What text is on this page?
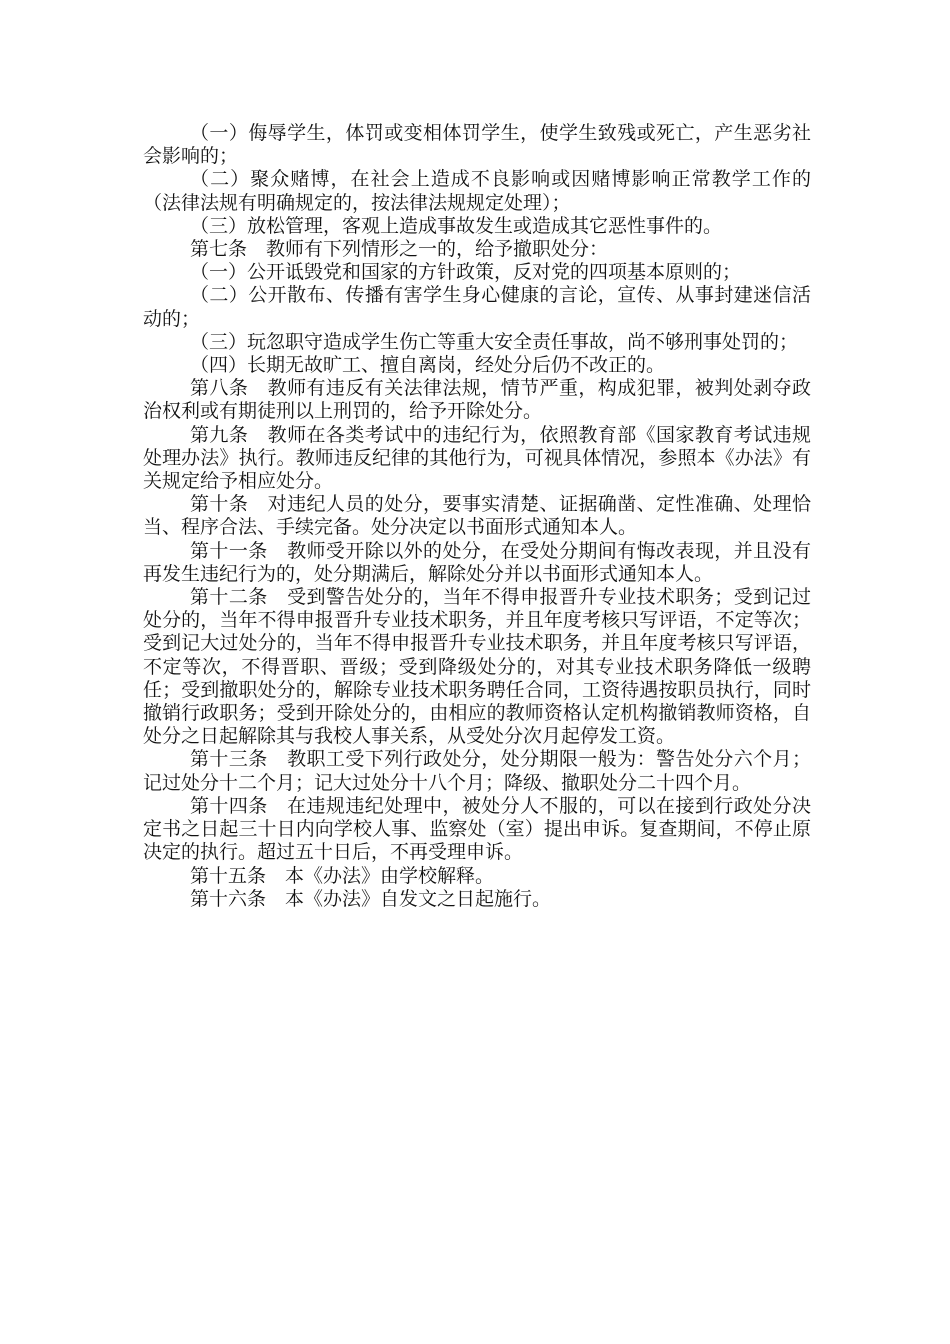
（一）侮辱学生，体罚或变相体罚学生，使学生致残或死亡，产生恶劣社会影响的；

（二）聚众赌博，在社会上造成不良影响或因赌博影响正常教学工作的（法律法规有明确规定的，按法律法规规定处理）；

（三）放松管理，客观上造成事故发生或造成其它恶性事件的。

第七条　教师有下列情形之一的，给予撤职处分：

（一）公开诋毁党和国家的方针政策，反对党的四项基本原则的；

（二）公开散布、传播有害学生身心健康的言论，宣传、从事封建迷信活动的；

（三）玩忽职守造成学生伤亡等重大安全责任事故，尚不够刑事处罚的；

（四）长期无故旷工、擅自离岗，经处分后仍不改正的。

第八条　教师有违反有关法律法规，情节严重，构成犯罪，被判处剥夺政治权利或有期徒刑以上刑罚的，给予开除处分。

第九条　教师在各类考试中的违纪行为，依照教育部《国家教育考试违规处理办法》执行。教师违反纪律的其他行为，可视具体情况，参照本《办法》有关规定给予相应处分。

第十条　对违纪人员的处分，要事实清楚、证据确凿、定性准确、处理恰当、程序合法、手续完备。处分决定以书面形式通知本人。

第十一条　教师受开除以外的处分，在受处分期间有悔改表现，并且没有再发生违纪行为的，处分期满后，解除处分并以书面形式通知本人。

第十二条　受到警告处分的，当年不得申报晋升专业技术职务；受到记过处分的，当年不得申报晋升专业技术职务，并且年度考核只写评语，不定等次；受到记大过处分的，当年不得申报晋升专业技术职务，并且年度考核只写评语，不定等次，不得晋职、晋级；受到降级处分的，对其专业技术职务降低一级聘任；受到撤职处分的，解除专业技术职务聘任合同，工资待遇按职员执行，同时撤销行政职务；受到开除处分的，由相应的教师资格认定机构撤销教师资格，自处分之日起解除其与我校人事关系，从受处分次月起停发工资。

第十三条　教职工受下列行政处分，处分期限一般为：警告处分六个月；记过处分十二个月；记大过处分十八个月；降级、撤职处分二十四个月。

第十四条　在违规违纪处理中，被处分人不服的，可以在接到行政处分决定书之日起三十日内向学校人事、监察处（室）提出申诉。复查期间，不停止原决定的执行。超过五十日后，不再受理申诉。

第十五条　本《办法》由学校解释。

第十六条　本《办法》自发文之日起施行。
